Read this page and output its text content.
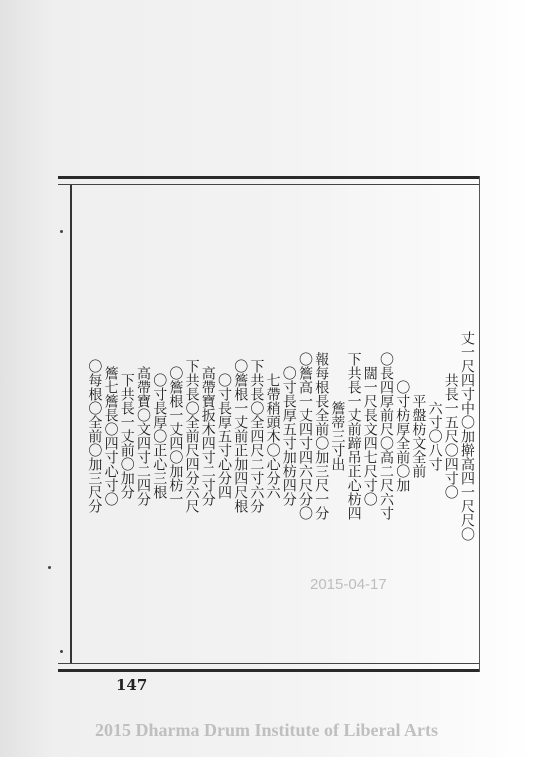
丈一尺四寸中〇加擀高四一尺尺〇
共長一五尺〇四寸〇
六寸〇八寸
平盤枋文全前
〇寸枋厚全前〇加
〇長四厚前尺〇高二尺六寸
闊一尺長文四七尺寸〇
下共長一丈前蹄吊正心枋四
簷蒂三寸出
報每根長全前〇加三尺一分
〇簷高一丈四寸四六尺分〇
〇寸長厚五寸加枋四分
七帶稍頭木〇心分六
下共長〇全四尺二寸六分
〇簷根一丈前正加四尺根
〇寸長厚五寸心分四
高帶寶扳木四寸二寸分
下共長〇全前尺四分六尺
〇簷根一丈四〇加枋一
〇寸長厚〇正心三根
高帶寶〇文四寸二四分
下共長一丈前〇加分
簷七簷長〇四寸心寸〇
〇每根〇全前〇加三尺分
147
2015-04-17
2015 Dharma Drum Institute of Liberal Arts
